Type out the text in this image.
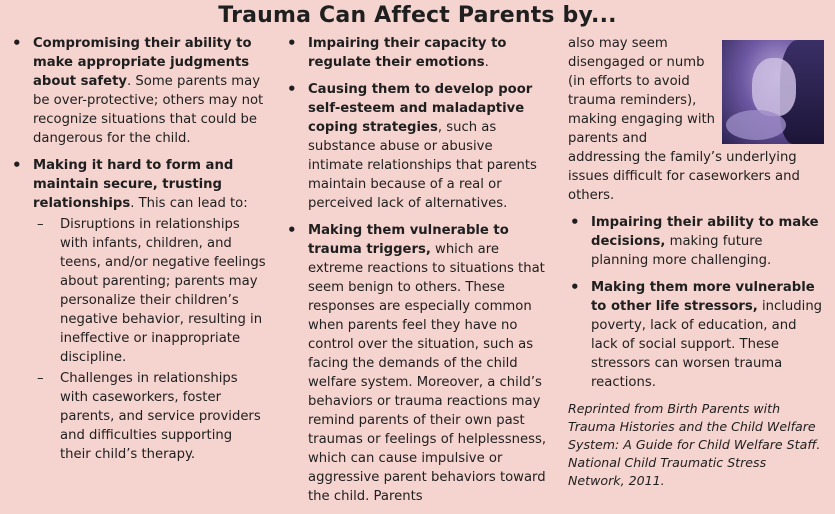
Trauma Can Affect Parents by...
• Compromising their ability to make appropriate judgments about safety. Some parents may be over-protective; others may not recognize situations that could be dangerous for the child.
• Making it hard to form and maintain secure, trusting relationships. This can lead to:
– Disruptions in relationships with infants, children, and teens, and/or negative feelings about parenting; parents may personalize their children’s negative behavior, resulting in ineffective or inappropriate discipline.
– Challenges in relationships with caseworkers, foster parents, and service providers and difficulties supporting their child’s therapy.
• Impairing their capacity to regulate their emotions.
• Causing them to develop poor self-esteem and maladaptive coping strategies, such as substance abuse or abusive intimate relationships that parents maintain because of a real or perceived lack of alternatives.
• Making them vulnerable to trauma triggers, which are extreme reactions to situations that seem benign to others. These responses are especially common when parents feel they have no control over the situation, such as facing the demands of the child welfare system. Moreover, a child’s behaviors or trauma reactions may remind parents of their own past traumas or feelings of helplessness, which can cause impulsive or aggressive parent behaviors toward the child. Parents
also may seem disengaged or numb (in efforts to avoid trauma reminders), making engaging with parents and
addressing the family’s underlying issues difficult for caseworkers and others.
• Impairing their ability to make decisions, making future planning more challenging.
• Making them more vulnerable to other life stressors, including poverty, lack of education, and lack of social support. These stressors can worsen trauma reactions.
Reprinted from Birth Parents with Trauma Histories and the Child Welfare System: A Guide for Child Welfare Staff. National Child Traumatic Stress Network, 2011.
